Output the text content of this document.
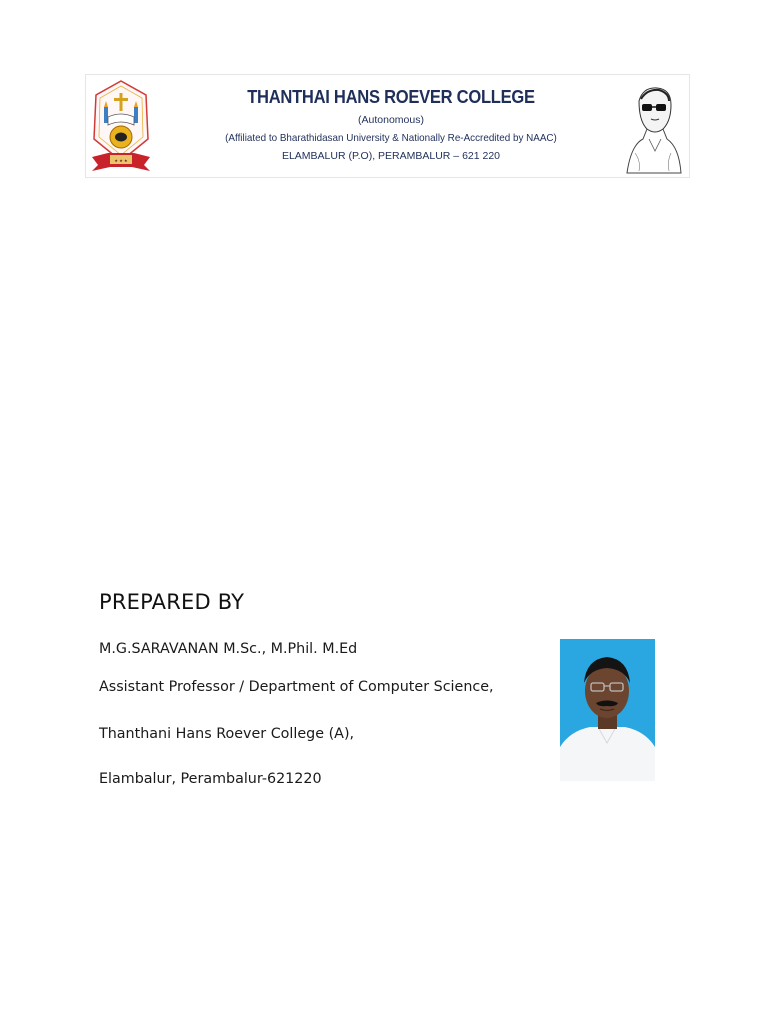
★ ★ ★
THANTHAI HANS ROEVER COLLEGE
(Autonomous)
(Affiliated to Bharathidasan University & Nationally Re-Accredited by NAAC)
ELAMBALUR (P.O), PERAMBALUR – 621 220
PREPARED BY

M.G.SARAVANAN M.Sc., M.Phil. M.Ed

Assistant Professor / Department of Computer Science,

Thanthani Hans Roever College (A),

Elambalur, Perambalur-621220
